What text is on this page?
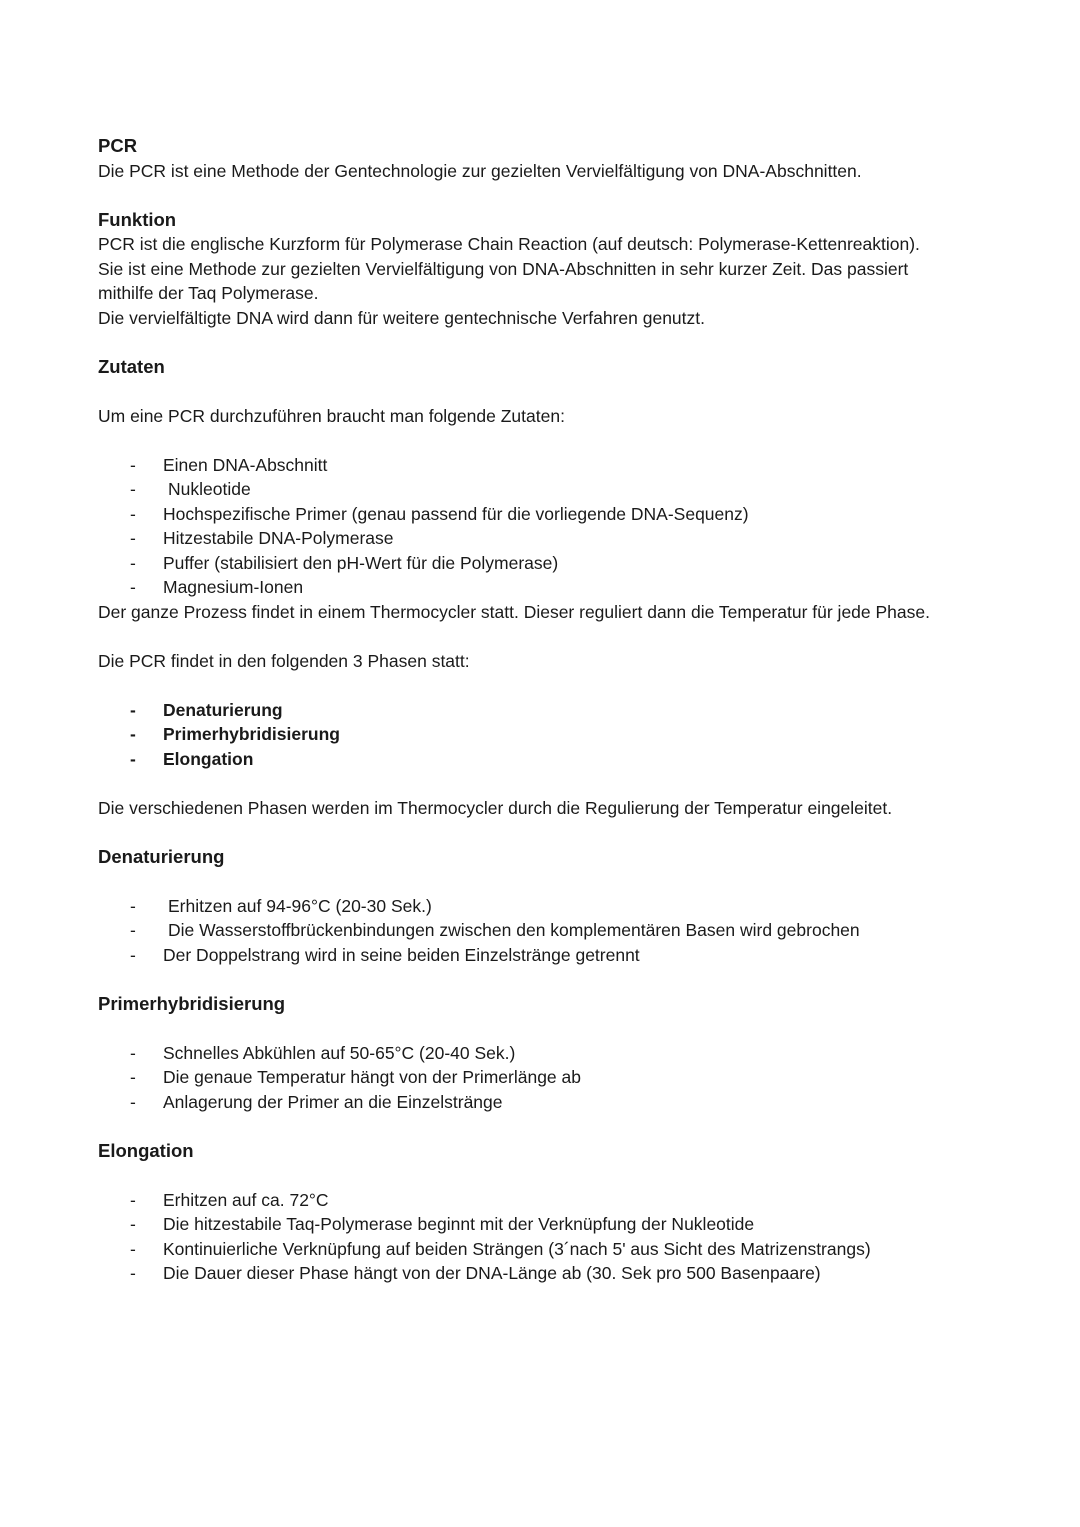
PCR

Die PCR ist eine Methode der Gentechnologie zur gezielten Vervielfältigung von DNA-Abschnitten.

Funktion

PCR ist die englische Kurzform für Polymerase Chain Reaction (auf deutsch: Polymerase-Kettenreaktion).

Sie ist eine Methode zur gezielten Vervielfältigung von DNA-Abschnitten in sehr kurzer Zeit. Das passiert

mithilfe der Taq Polymerase.

Die vervielfältigte DNA wird dann für weitere gentechnische Verfahren genutzt.

Zutaten

Um eine PCR durchzuführen braucht man folgende Zutaten:

- Einen DNA-Abschnitt
- Nukleotide
- Hochspezifische Primer (genau passend für die vorliegende DNA-Sequenz)
- Hitzestabile DNA-Polymerase
- Puffer (stabilisiert den pH-Wert für die Polymerase)
- Magnesium-Ionen

Der ganze Prozess findet in einem Thermocycler statt. Dieser reguliert dann die Temperatur für jede Phase.

Die PCR findet in den folgenden 3 Phasen statt:

- Denaturierung
- Primerhybridisierung
- Elongation

Die verschiedenen Phasen werden im Thermocycler durch die Regulierung der Temperatur eingeleitet.

Denaturierung
- Erhitzen auf 94-96°C (20-30 Sek.)
- Die Wasserstoffbrückenbindungen zwischen den komplementären Basen wird gebrochen
- Der Doppelstrang wird in seine beiden Einzelstränge getrennt
Primerhybridisierung
- Schnelles Abkühlen auf 50-65°C (20-40 Sek.)
- Die genaue Temperatur hängt von der Primerlänge ab
- Anlagerung der Primer an die Einzelstränge
Elongation
- Erhitzen auf ca. 72°C
- Die hitzestabile Taq-Polymerase beginnt mit der Verknüpfung der Nukleotide
- Kontinuierliche Verknüpfung auf beiden Strängen (3´nach 5' aus Sicht des Matrizenstrangs)
- Die Dauer dieser Phase hängt von der DNA-Länge ab (30. Sek pro 500 Basenpaare)
